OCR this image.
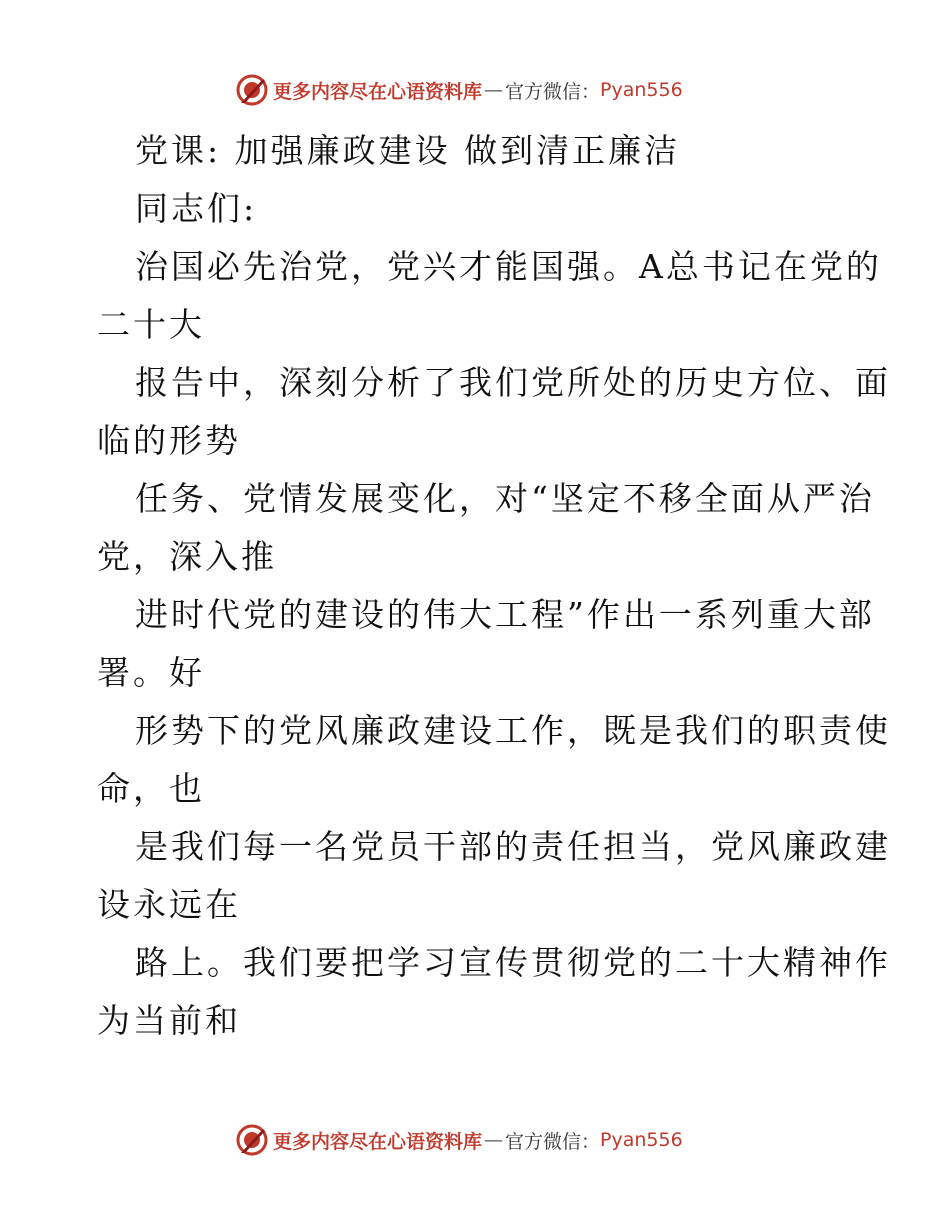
更多内容尽在心语资料库 — 官方微信： Pyan556
党课: 加强廉政建设 做到清正廉洁
同志们:
治国必先治党，党兴才能国强。A总书记在党的
二十大
报告中，深刻分析了我们党所处的历史方位、面
临的形势
任务、党情发展变化，对“坚定不移全面从严治
党，深入推
进时代党的建设的伟大工程”作出一系列重大部
署。好
形势下的党风廉政建设工作，既是我们的职责使
命，也
是我们每一名党员干部的责任担当，党风廉政建
设永远在
路上。我们要把学习宣传贯彻党的二十大精神作
为当前和
更多内容尽在心语资料库 — 官方微信： Pyan556
